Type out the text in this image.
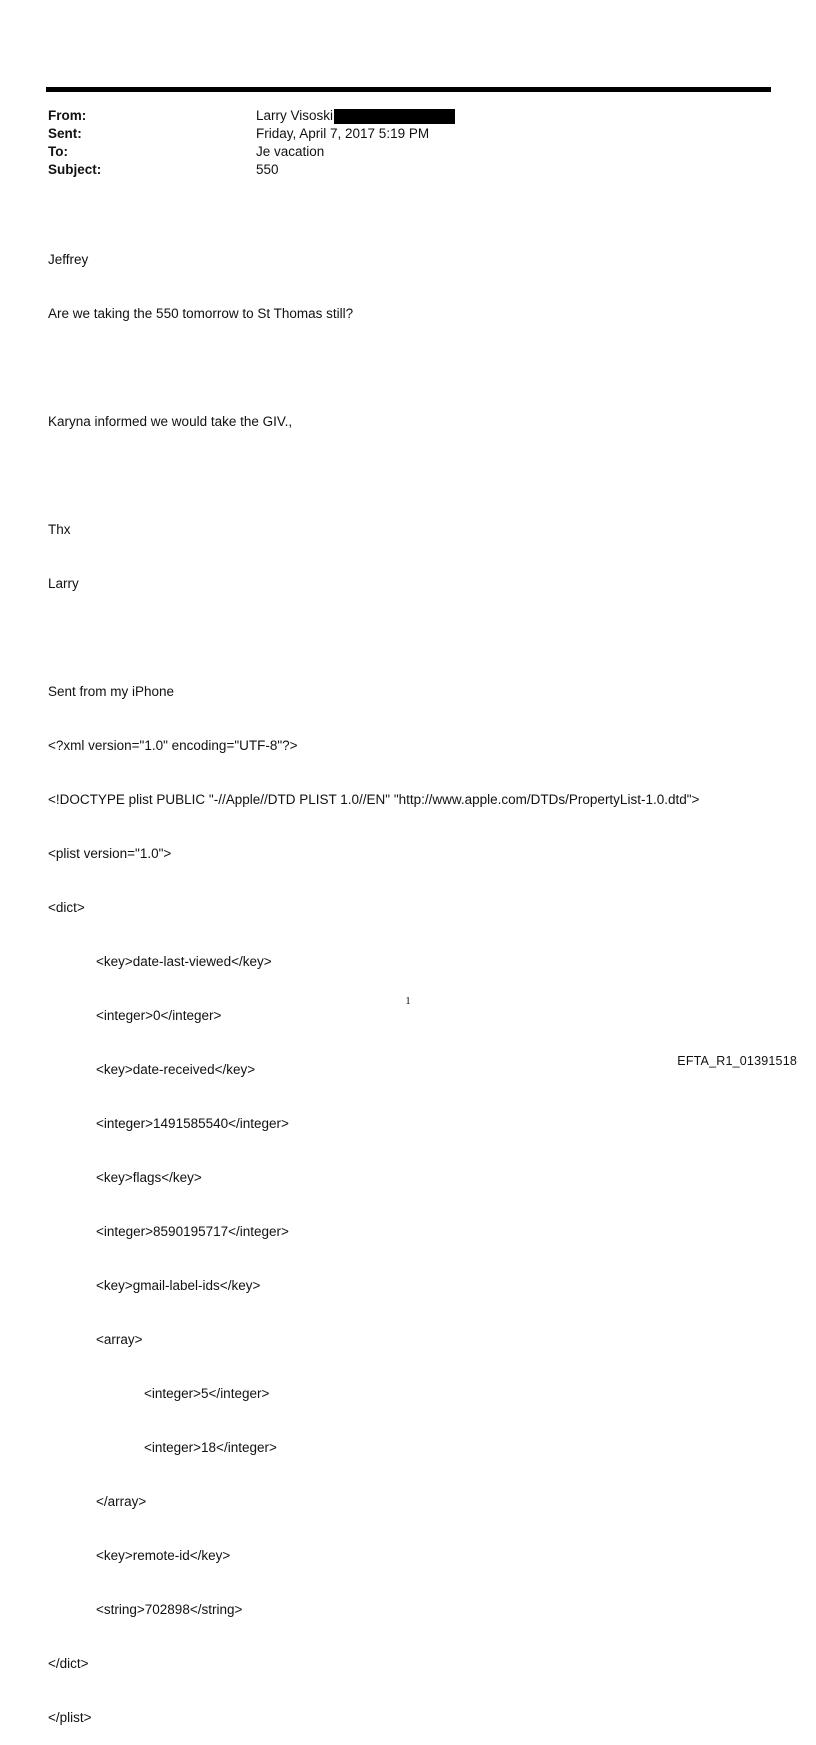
From:	Larry Visoski
Sent:	Friday, April 7, 2017 5:19 PM
To:	Je vacation
Subject:	550

Jeffrey

Are we taking the 550 tomorrow to St Thomas still?

Karyna informed we would take the GIV.,

Thx

Larry

Sent from my iPhone

<?xml version="1.0" encoding="UTF-8"?>

<!DOCTYPE plist PUBLIC "-//Apple//DTD PLIST 1.0//EN" "http://www.apple.com/DTDs/PropertyList-1.0.dtd">

<plist version="1.0">

<dict>

<key>date-last-viewed</key>

<integer>0</integer>

<key>date-received</key>

<integer>1491585540</integer>

<key>flags</key>

<integer>8590195717</integer>

<key>gmail-label-ids</key>

<array>

<integer>5</integer>

<integer>18</integer>

</array>

<key>remote-id</key>

<string>702898</string>

</dict>

</plist>

1
EFTA_R1_01391518
